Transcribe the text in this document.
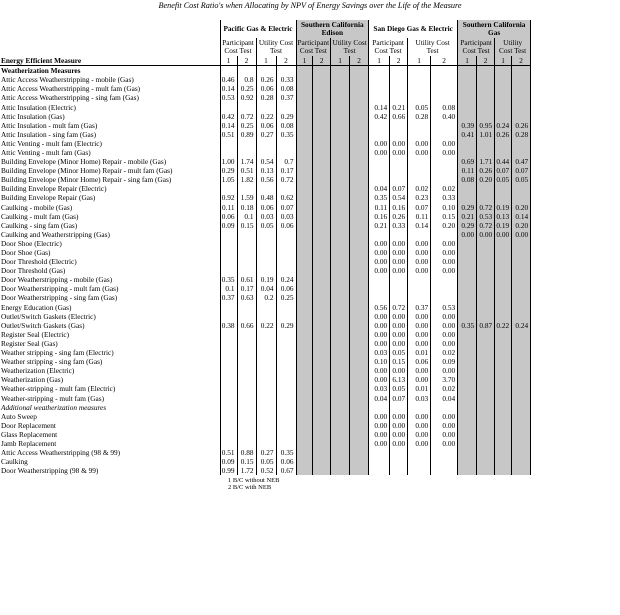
Benefit Cost Ratio's when Allocating by NPV of Energy Savings over the Life of the Measure
Energy Efficient Measure	Pacific Gas & Electric				Southern California Edison				San Diego Gas & Electric				Southern California Gas			
	Participant Cost Test		Utility Cost Test		Participant Cost Test		Utility Cost Test		Participant Cost Test		Utility Cost Test		Participant Cost Test		Utility Cost Test	
	1	2	1	2	1	2	1	2	1	2	1	2	1	2	1	2
Weatherization Measures																
Attic Access Weatherstripping - mobile (Gas)	0.46	0.8	0.26	0.33												
Attic Access Weatherstripping - mult fam (Gas)	0.14	0.25	0.06	0.08												
Attic Access Weatherstripping - sing fam (Gas)	0.53	0.92	0.28	0.37												
Attic Insulation (Electric)									0.14	0.21	0.05	0.08				
Attic Insulation (Gas)	0.42	0.72	0.22	0.29					0.42	0.66	0.28	0.40				
Attic Insulation - mult fam (Gas)	0.14	0.25	0.06	0.08									0.39	0.95	0.24	0.26
Attic Insulation - sing fam (Gas)	0.51	0.89	0.27	0.35									0.41	1.01	0.26	0.28
Attic Venting - mult fam (Electric)									0.00	0.00	0.00	0.00				
Attic Venting - mult fam (Gas)									0.00	0.00	0.00	0.00				
Building Envelope (Minor Home) Repair - mobile (Gas)	1.00	1.74	0.54	0.7									0.69	1.71	0.44	0.47
Building Envelope (Minor Home) Repair - mult fam (Gas)	0.29	0.51	0.13	0.17									0.11	0.26	0.07	0.07
Building Envelope (Minor Home) Repair - sing fam (Gas)	1.05	1.82	0.56	0.72									0.08	0.20	0.05	0.05
Building Envelope Repair (Electric)									0.04	0.07	0.02	0.02				
Building Envelope Repair (Gas)	0.92	1.59	0.48	0.62					0.35	0.54	0.23	0.33				
Caulking - mobile (Gas)	0.11	0.18	0.06	0.07					0.11	0.16	0.07	0.10	0.29	0.72	0.19	0.20
Caulking - mult fam (Gas)	0.06	0.1	0.03	0.03					0.16	0.26	0.11	0.15	0.21	0.53	0.13	0.14
Caulking - sing fam (Gas)	0.09	0.15	0.05	0.06					0.21	0.33	0.14	0.20	0.29	0.72	0.19	0.20
Caulking and Weatherstripping (Gas)													0.00	0.00	0.00	0.00
Door Shoe (Electric)									0.00	0.00	0.00	0.00				
Door Shoe (Gas)									0.00	0.00	0.00	0.00				
Door Threshold (Electric)									0.00	0.00	0.00	0.00				
Door Threshold (Gas)									0.00	0.00	0.00	0.00				
Door Weatherstripping - mobile (Gas)	0.35	0.61	0.19	0.24												
Door Weatherstripping - mult fam (Gas)	0.1	0.17	0.04	0.06												
Door Weatherstripping - sing fam (Gas)	0.37	0.63	0.2	0.25												
Energy Education (Gas)									0.56	0.72	0.37	0.53				
Outlet/Switch Gaskets (Electric)									0.00	0.00	0.00	0.00				
Outlet/Switch Gaskets (Gas)	0.38	0.66	0.22	0.29					0.00	0.00	0.00	0.00	0.35	0.87	0.22	0.24
Register Seal (Electric)									0.00	0.00	0.00	0.00				
Register Seal (Gas)									0.00	0.00	0.00	0.00				
Weather stripping - sing fam (Electric)									0.03	0.05	0.01	0.02				
Weather stripping - sing fam (Gas)									0.10	0.15	0.06	0.09				
Weatherization (Electric)									0.00	0.00	0.00	0.00				
Weatherization (Gas)									0.00	6.13	0.00	3.70				
Weather-stripping - mult fam (Electric)									0.03	0.05	0.01	0.02				
Weather-stripping - mult fam (Gas)									0.04	0.07	0.03	0.04				
Additional weatherization measures																
Auto Sweep									0.00	0.00	0.00	0.00				
Door Replacement									0.00	0.00	0.00	0.00				
Glass Replacement									0.00	0.00	0.00	0.00				
Jamb Replacement									0.00	0.00	0.00	0.00				
Attic Access Weatherstripping (98 & 99)	0.51	0.88	0.27	0.35												
Caulking	0.09	0.15	0.05	0.06												
Door Weatherstripping (98 & 99)	0.99	1.72	0.52	0.67												
1 B/C without NEB
2 B/C with NEB
